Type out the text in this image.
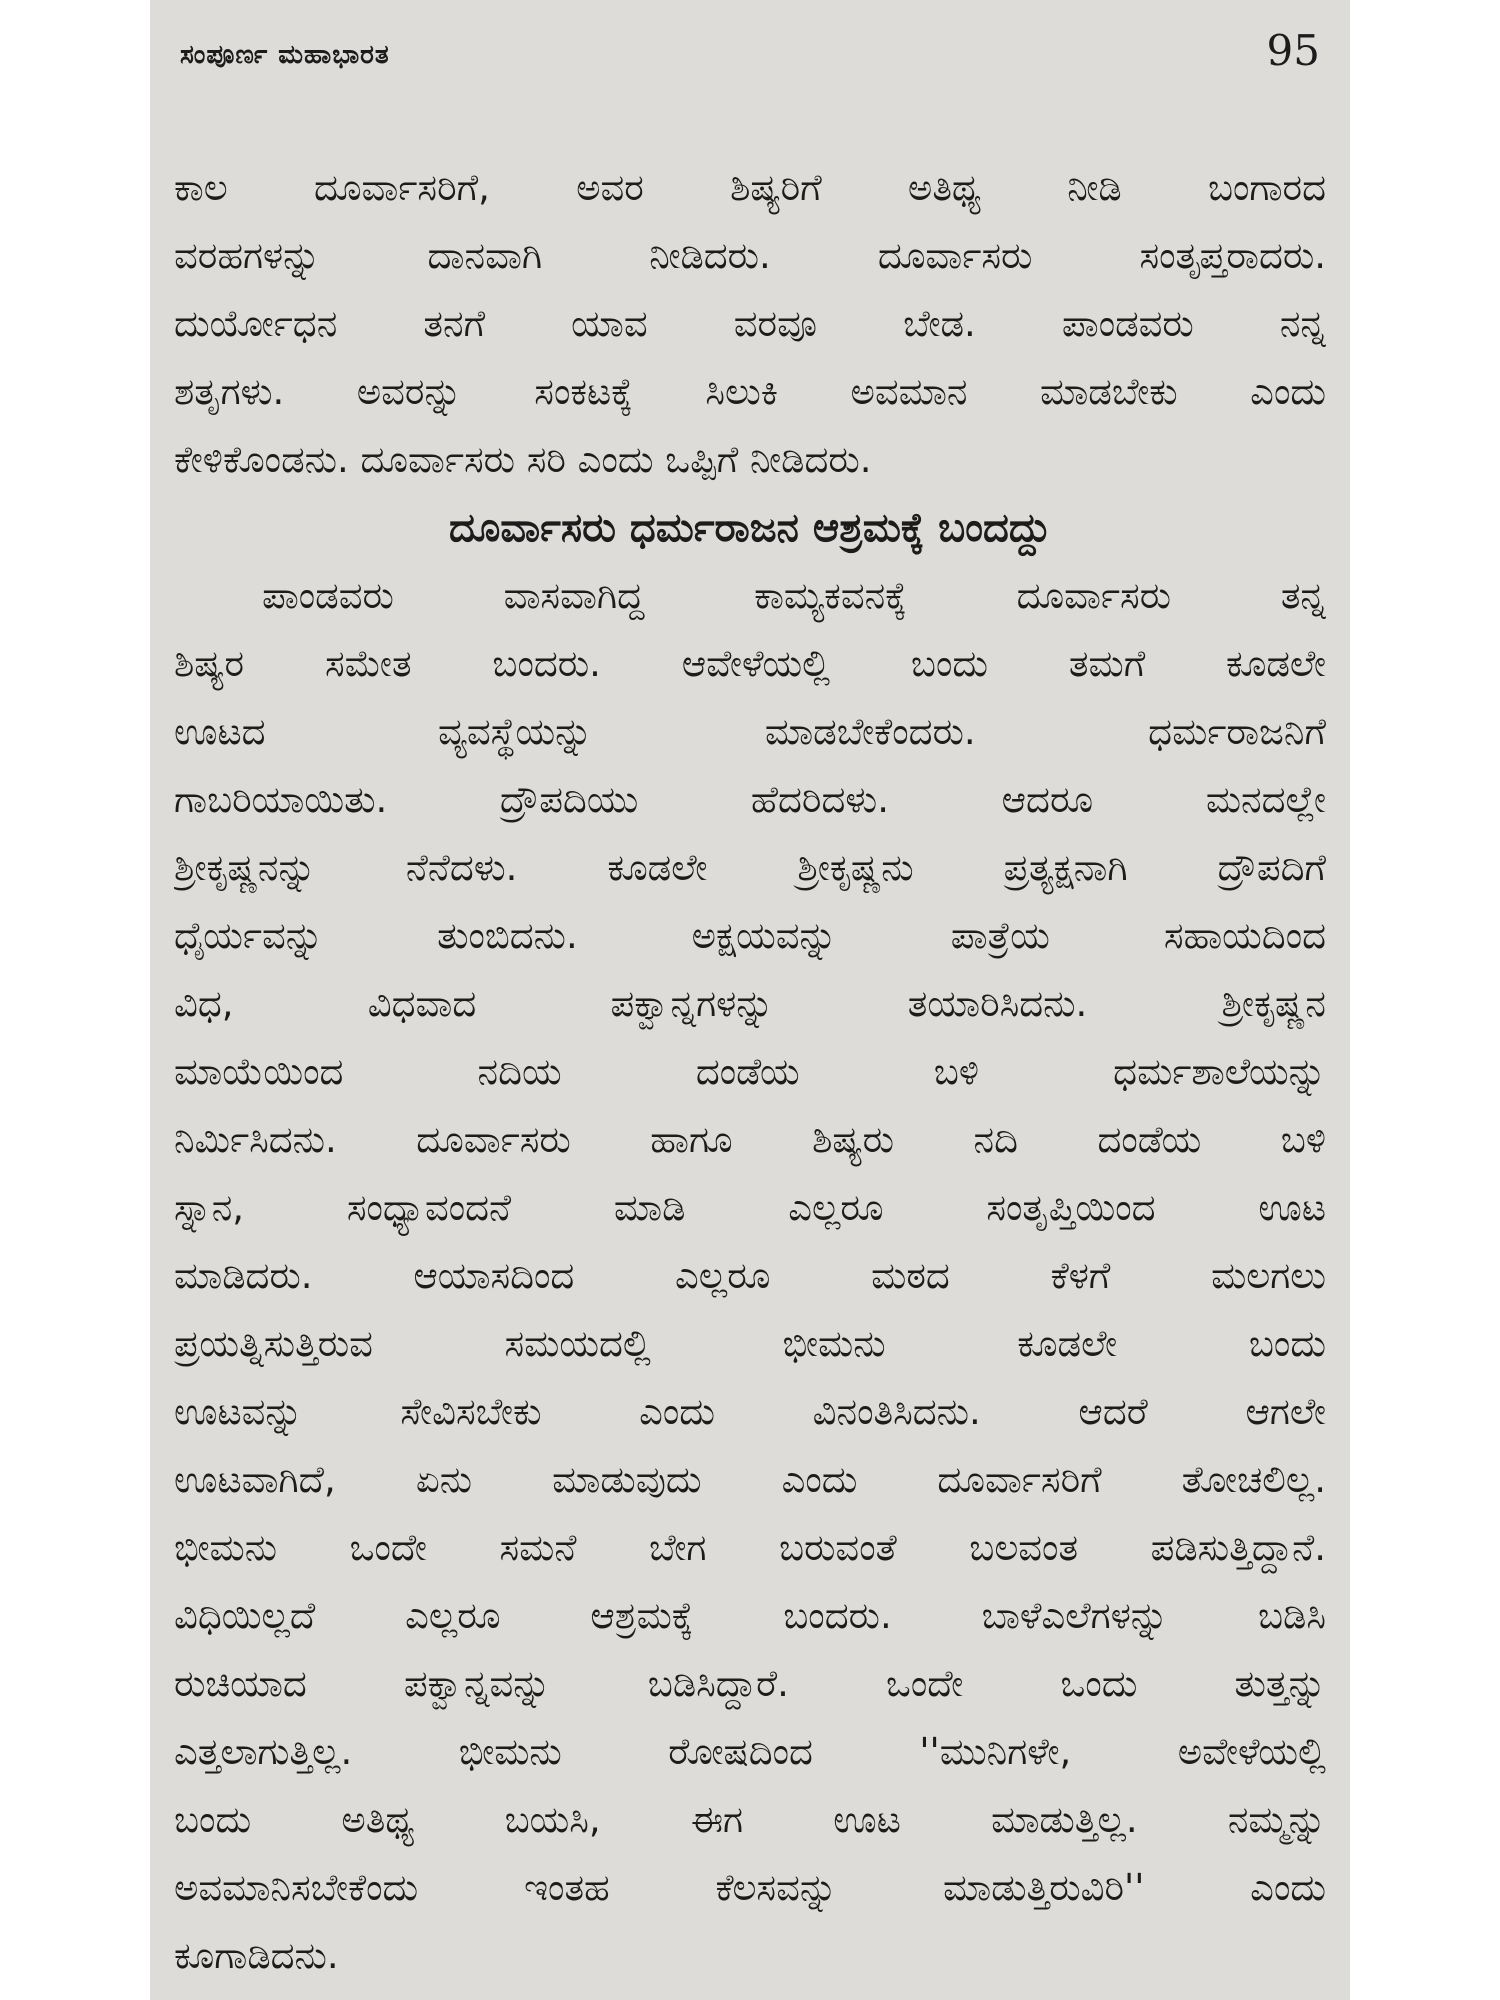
ಸಂಪೂರ್ಣ ಮಹಾಭಾರತ	95
ಕಾಲ ದೂರ್ವಾಸರಿಗೆ, ಅವರ ಶಿಷ್ಯರಿಗೆ ಅತಿಥ್ಯ ನೀಡಿ ಬಂಗಾರದ
ವರಹಗಳನ್ನು ದಾನವಾಗಿ ನೀಡಿದರು. ದೂರ್ವಾಸರು ಸಂತೃಪ್ತರಾದರು.
ದುರ್ಯೋಧನ ತನಗೆ ಯಾವ ವರವೂ ಬೇಡ. ಪಾಂಡವರು ನನ್ನ
ಶತೃಗಳು. ಅವರನ್ನು ಸಂಕಟಕ್ಕೆ ಸಿಲುಕಿ ಅವಮಾನ ಮಾಡಬೇಕು ಎಂದು
ಕೇಳಿಕೊಂಡನು. ದೂರ್ವಾಸರು ಸರಿ ಎಂದು ಒಪ್ಪಿಗೆ ನೀಡಿದರು.
ದೂರ್ವಾಸರು ಧರ್ಮರಾಜನ ಆಶ್ರಮಕ್ಕೆ ಬಂದದ್ದು
ಪಾಂಡವರು ವಾಸವಾಗಿದ್ದ ಕಾಮ್ಯಕವನಕ್ಕೆ ದೂರ್ವಾಸರು ತನ್ನ
ಶಿಷ್ಯರ ಸಮೇತ ಬಂದರು. ಆವೇಳೆಯಲ್ಲಿ ಬಂದು ತಮಗೆ ಕೂಡಲೇ
ಊಟದ ವ್ಯವಸ್ಥೆಯನ್ನು ಮಾಡಬೇಕೆಂದರು. ಧರ್ಮರಾಜನಿಗೆ
ಗಾಬರಿಯಾಯಿತು. ದ್ರೌಪದಿಯು ಹೆದರಿದಳು. ಆದರೂ ಮನದಲ್ಲೇ
ಶ್ರೀಕೃಷ್ಣನನ್ನು ನೆನೆದಳು. ಕೂಡಲೇ ಶ್ರೀಕೃಷ್ಣನು ಪ್ರತ್ಯಕ್ಷನಾಗಿ ದ್ರೌಪದಿಗೆ
ಧೈರ್ಯವನ್ನು ತುಂಬಿದನು. ಅಕ್ಷಯವನ್ನು ಪಾತ್ರೆಯ ಸಹಾಯದಿಂದ
ವಿಧ, ವಿಧವಾದ ಪಕ್ವಾನ್ನಗಳನ್ನು ತಯಾರಿಸಿದನು. ಶ್ರೀಕೃಷ್ಣನ
ಮಾಯೆಯಿಂದ ನದಿಯ ದಂಡೆಯ ಬಳಿ ಧರ್ಮಶಾಲೆಯನ್ನು
ನಿರ್ಮಿಸಿದನು. ದೂರ್ವಾಸರು ಹಾಗೂ ಶಿಷ್ಯರು ನದಿ ದಂಡೆಯ ಬಳಿ
ಸ್ನಾನ, ಸಂಧ್ಯಾವಂದನೆ ಮಾಡಿ ಎಲ್ಲರೂ ಸಂತೃಪ್ತಿಯಿಂದ ಊಟ
ಮಾಡಿದರು. ಆಯಾಸದಿಂದ ಎಲ್ಲರೂ ಮಠದ ಕೆಳಗೆ ಮಲಗಲು
ಪ್ರಯತ್ನಿಸುತ್ತಿರುವ ಸಮಯದಲ್ಲಿ ಭೀಮನು ಕೂಡಲೇ ಬಂದು
ಊಟವನ್ನು ಸೇವಿಸಬೇಕು ಎಂದು ವಿನಂತಿಸಿದನು. ಆದರೆ ಆಗಲೇ
ಊಟವಾಗಿದೆ, ಏನು ಮಾಡುವುದು ಎಂದು ದೂರ್ವಾಸರಿಗೆ ತೋಚಲಿಲ್ಲ.
ಭೀಮನು ಒಂದೇ ಸಮನೆ ಬೇಗ ಬರುವಂತೆ ಬಲವಂತ ಪಡಿಸುತ್ತಿದ್ದಾನೆ.
ವಿಧಿಯಿಲ್ಲದೆ ಎಲ್ಲರೂ ಆಶ್ರಮಕ್ಕೆ ಬಂದರು. ಬಾಳೆಎಲೆಗಳನ್ನು ಬಡಿಸಿ
ರುಚಿಯಾದ ಪಕ್ವಾನ್ನವನ್ನು ಬಡಿಸಿದ್ದಾರೆ. ಒಂದೇ ಒಂದು ತುತ್ತನ್ನು
ಎತ್ತಲಾಗುತ್ತಿಲ್ಲ. ಭೀಮನು ರೋಷದಿಂದ ''ಮುನಿಗಳೇ, ಅವೇಳೆಯಲ್ಲಿ
ಬಂದು ಅತಿಥ್ಯ ಬಯಸಿ, ಈಗ ಊಟ ಮಾಡುತ್ತಿಲ್ಲ. ನಮ್ಮನ್ನು
ಅವಮಾನಿಸಬೇಕೆಂದು ಇಂತಹ ಕೆಲಸವನ್ನು ಮಾಡುತ್ತಿರುವಿರಿ'' ಎಂದು
ಕೂಗಾಡಿದನು.
